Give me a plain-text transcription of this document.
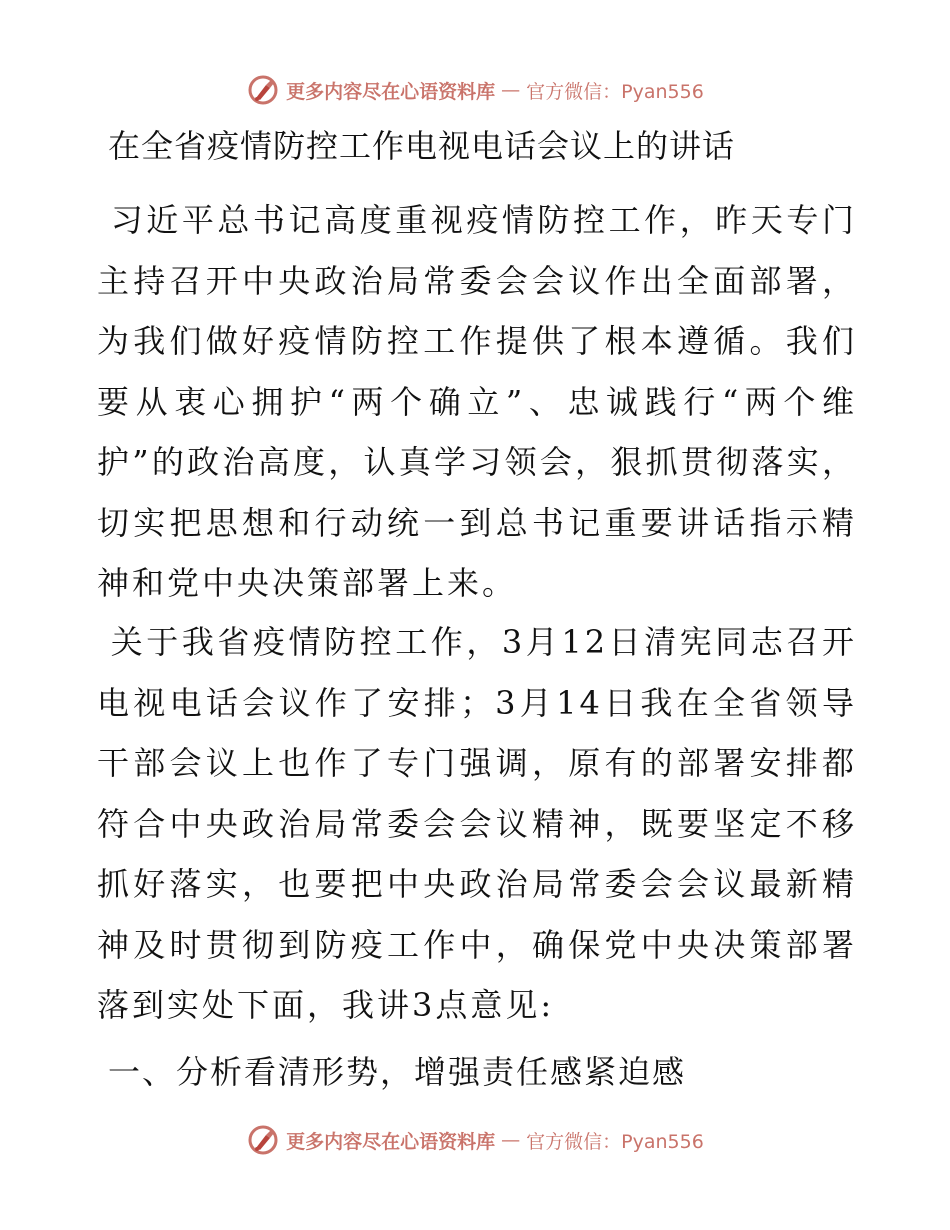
更多内容尽在心语资料库 — 官方微信：Pyan556
在全省疫情防控工作电视电话会议上的讲话

习近平总书记高度重视疫情防控工作，昨天专门主持召开中央政治局常委会会议作出全面部署，为我们做好疫情防控工作提供了根本遵循。我们要从衷心拥护“两个确立”、忠诚践行“两个维护”的政治高度，认真学习领会，狠抓贯彻落实，切实把思想和行动统一到总书记重要讲话指示精神和党中央决策部署上来。

关于我省疫情防控工作，3月12日清宪同志召开电视电话会议作了安排；3月14日我在全省领导干部会议上也作了专门强调，原有的部署安排都符合中央政治局常委会会议精神，既要坚定不移抓好落实，也要把中央政治局常委会会议最新精神及时贯彻到防疫工作中，确保党中央决策部署落到实处下面，我讲3点意见:

一、分析看清形势，增强责任感紧迫感
更多内容尽在心语资料库 — 官方微信：Pyan556
